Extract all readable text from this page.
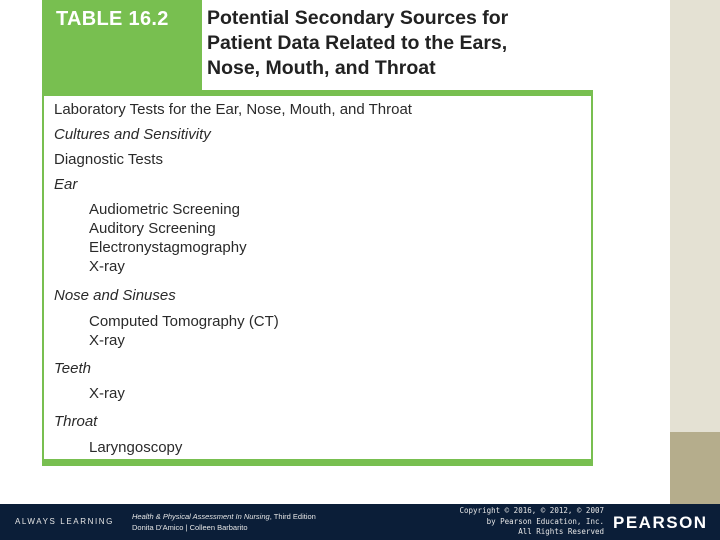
TABLE 16.2 Potential Secondary Sources for
Patient Data Related to the Ears,
Nose, Mouth, and Throat
Laboratory Tests for the Ear, Nose, Mouth, and Throat
Cultures and Sensitivity
Diagnostic Tests
Ear
Audiometric Screening
Auditory Screening
Electronystagmography
X-ray
Nose and Sinuses
Computed Tomography (CT)
X-ray
Teeth
X-ray
Throat
Laryngoscopy
ALWAYS LEARNING
Health & Physical Assessment In Nursing, Third Edition
Donita D'Amico | Colleen Barbarito
Copyright © 2016, © 2012, © 2007
by Pearson Education, Inc.
All Rights Reserved PEARSON
